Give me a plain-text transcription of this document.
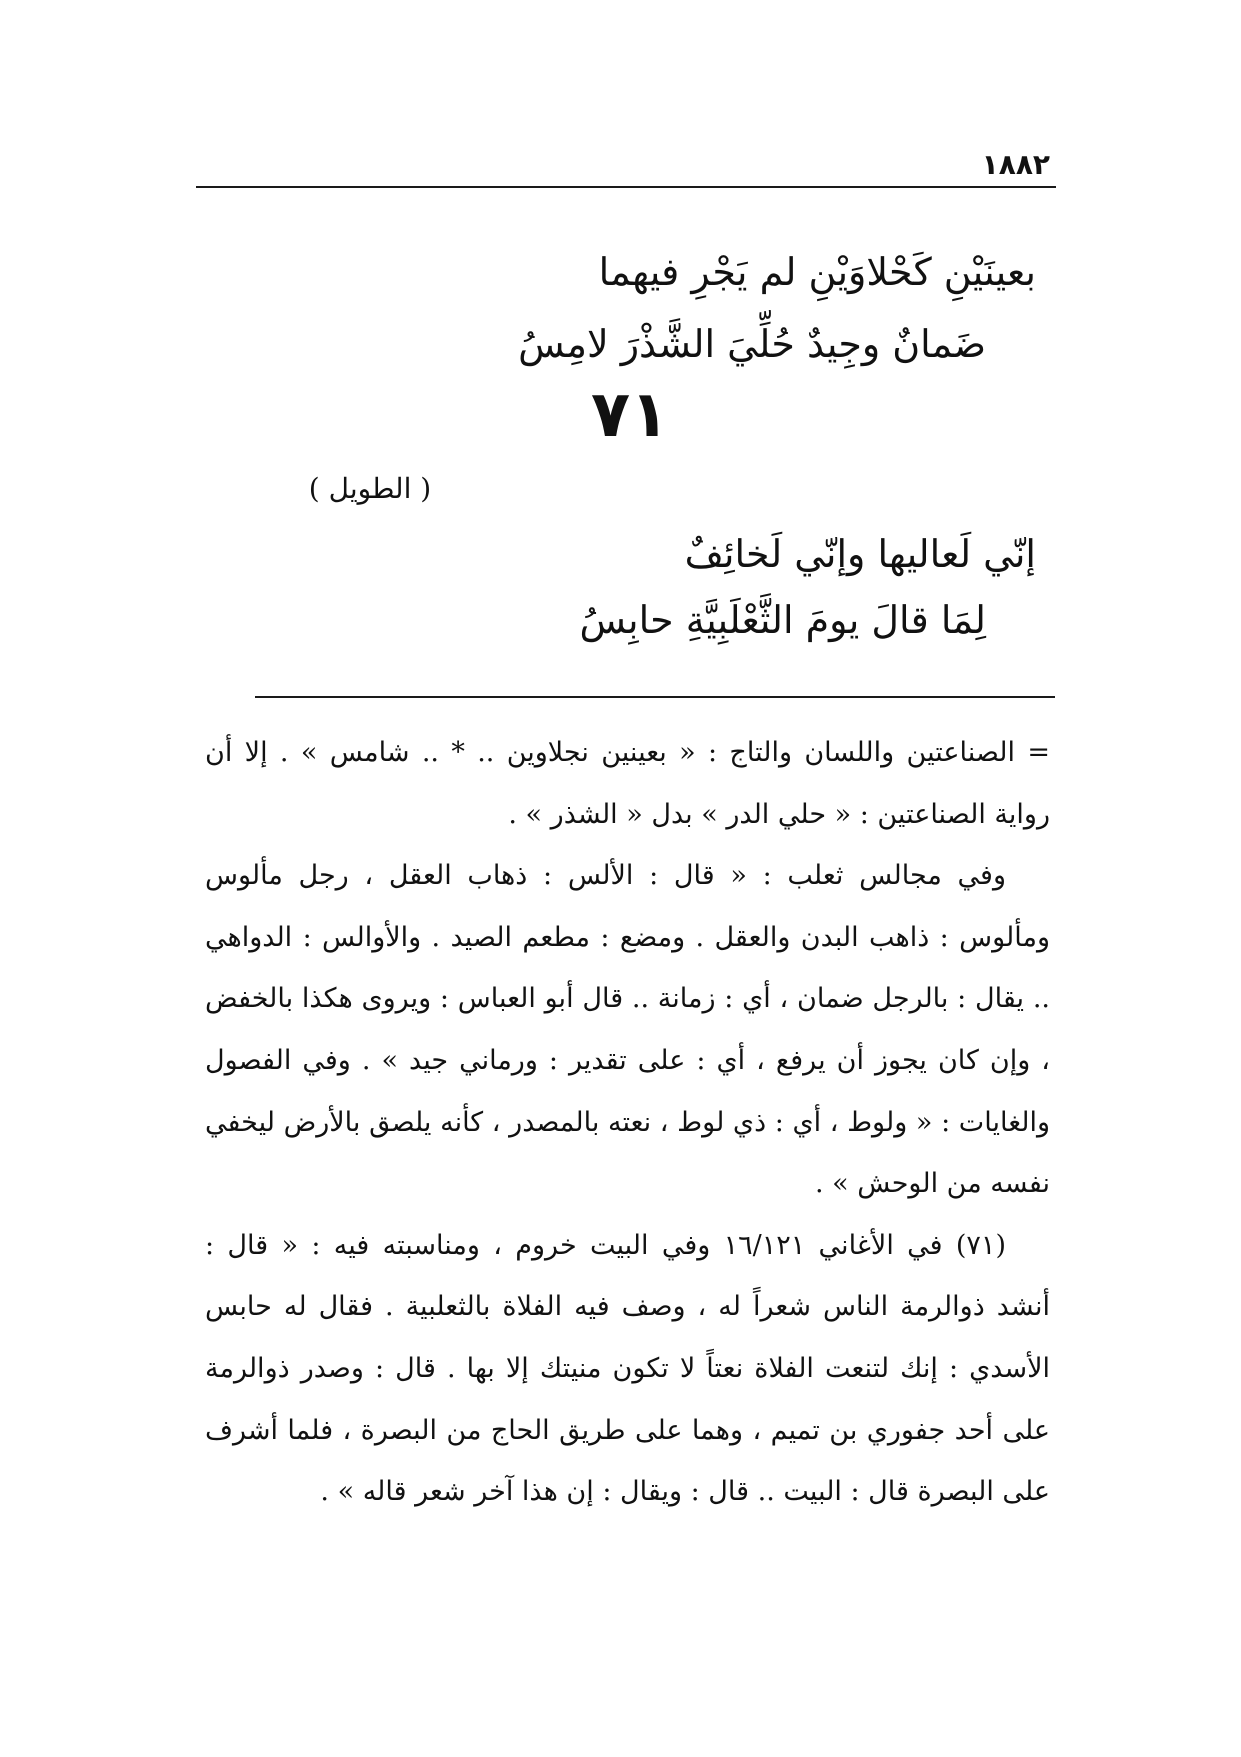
١٨٨٢
بعينَيْنِ كَحْلاوَيْنِ لم يَجْرِ فيهما
ضَمانٌ وجِيدٌ حُلِّيَ الشَّذْرَ لامِسُ
٧١
( الطويل )
إنّي لَعاليها وإنّي لَخائِفٌ
لِمَا قالَ يومَ الثَّعْلَبِيَّةِ حابِسُ

= الصناعتين واللسان والتاج : « بعينين نجلاوين .. * .. شامس » . إلا أن رواية الصناعتين : « حلي الدر » بدل « الشذر » .

وفي مجالس ثعلب : « قال : الألس : ذهاب العقل ، رجل مألوس ومألوس : ذاهب البدن والعقل . ومضع : مطعم الصيد . والأوالس : الدواهي .. يقال : بالرجل ضمان ، أي : زمانة .. قال أبو العباس : ويروى هكذا بالخفض ، وإن كان يجوز أن يرفع ، أي : على تقدير : ورماني جيد » . وفي الفصول والغايات : « ولوط ، أي : ذي لوط ، نعته بالمصدر ، كأنه يلصق بالأرض ليخفي نفسه من الوحش » .

(٧١) في الأغاني ١٦/١٢١ وفي البيت خروم ، ومناسبته فيه : « قال : أنشد ذوالرمة الناس شعراً له ، وصف فيه الفلاة بالثعلبية . فقال له حابس الأسدي : إنك لتنعت الفلاة نعتاً لا تكون منيتك إلا بها . قال : وصدر ذوالرمة على أحد جفوري بن تميم ، وهما على طريق الحاج من البصرة ، فلما أشرف على البصرة قال : البيت .. قال : ويقال : إن هذا آخر شعر قاله » .
